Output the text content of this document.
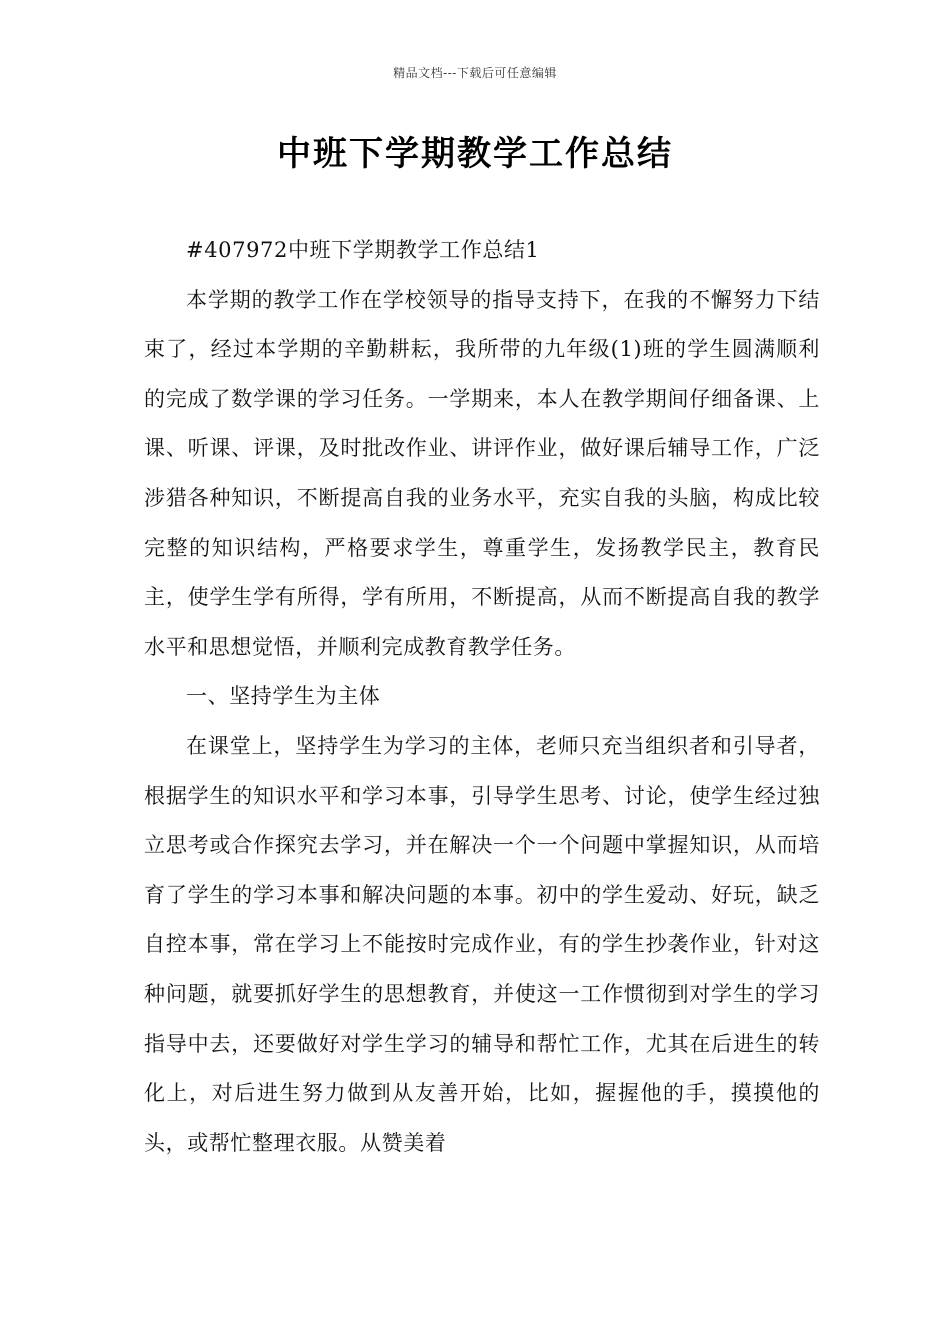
精品文档---下载后可任意编辑
中班下学期教学工作总结

#407972中班下学期教学工作总结1

本学期的教学工作在学校领导的指导支持下，在我的不懈努力下结束了，经过本学期的辛勤耕耘，我所带的九年级(1)班的学生圆满顺利的完成了数学课的学习任务。一学期来，本人在教学期间仔细备课、上课、听课、评课，及时批改作业、讲评作业，做好课后辅导工作，广泛涉猎各种知识，不断提高自我的业务水平，充实自我的头脑，构成比较完整的知识结构，严格要求学生，尊重学生，发扬教学民主，教育民主，使学生学有所得，学有所用，不断提高，从而不断提高自我的教学水平和思想觉悟，并顺利完成教育教学任务。

一、坚持学生为主体

在课堂上，坚持学生为学习的主体，老师只充当组织者和引导者，根据学生的知识水平和学习本事，引导学生思考、讨论，使学生经过独立思考或合作探究去学习，并在解决一个一个问题中掌握知识，从而培育了学生的学习本事和解决问题的本事。初中的学生爱动、好玩，缺乏自控本事，常在学习上不能按时完成作业，有的学生抄袭作业，针对这种问题，就要抓好学生的思想教育，并使这一工作惯彻到对学生的学习指导中去，还要做好对学生学习的辅导和帮忙工作，尤其在后进生的转化上，对后进生努力做到从友善开始，比如，握握他的手，摸摸他的头，或帮忙整理衣服。从赞美着
